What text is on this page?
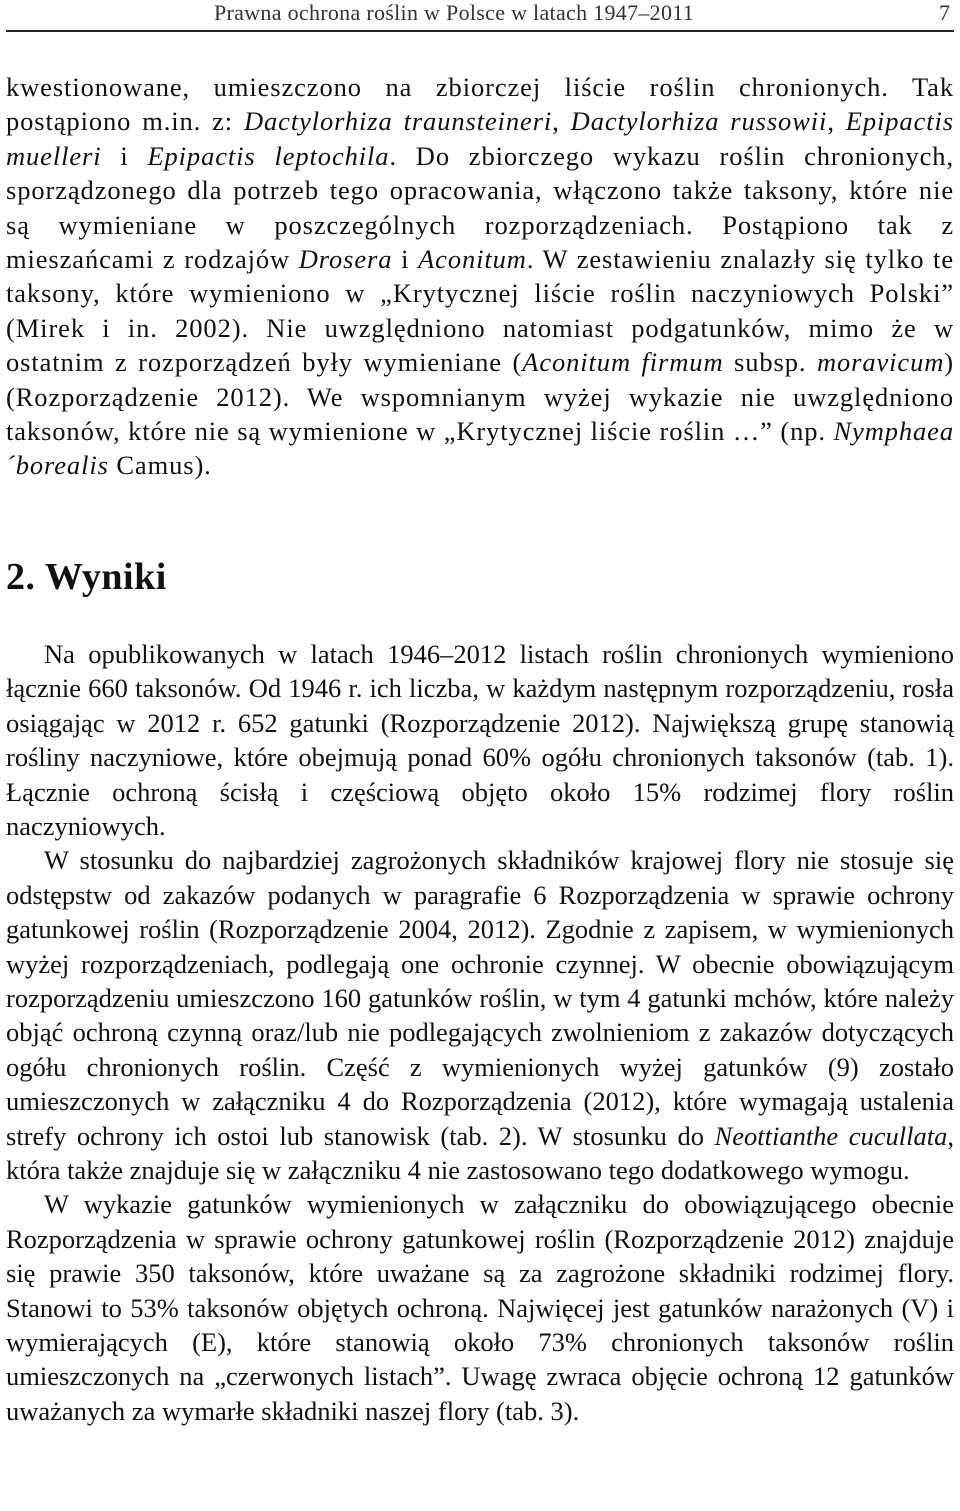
Prawna ochrona roślin w Polsce w latach 1947–2011	7

kwestionowane, umieszczono na zbiorczej liście roślin chronionych. Tak postąpiono m.in. z: Dactylorhiza traunsteineri, Dactylorhiza russowii, Epipactis muelleri i Epipactis leptochila. Do zbiorczego wykazu roślin chronionych, sporządzonego dla potrzeb tego opracowania, włączono także taksony, które nie są wymieniane w poszczególnych rozporządzeniach. Postąpiono tak z mieszańcami z rodzajów Drosera i Aconitum. W zestawieniu znalazły się tylko te taksony, które wymieniono w „Krytycznej liście roślin naczyniowych Polski” (Mirek i in. 2002). Nie uwzględniono natomiast podgatunków, mimo że w ostatnim z rozporządzeń były wymieniane (Aconitum firmum subsp. moravicum) (Rozporządzenie 2012). We wspomnianym wyżej wykazie nie uwzględniono taksonów, które nie są wymienione w „Krytycznej liście roślin …” (np. Nymphaea ´borealis Camus).

2. Wyniki

Na opublikowanych w latach 1946–2012 listach roślin chronionych wymieniono łącznie 660 taksonów. Od 1946 r. ich liczba, w każdym następnym rozporządzeniu, rosła osiągając w 2012 r. 652 gatunki (Rozporządzenie 2012). Największą grupę stanowią rośliny naczyniowe, które obejmują ponad 60% ogółu chronionych taksonów (tab. 1). Łącznie ochroną ścisłą i częściową objęto około 15% rodzimej flory roślin naczyniowych.

W stosunku do najbardziej zagrożonych składników krajowej flory nie stosuje się odstępstw od zakazów podanych w paragrafie 6 Rozporządzenia w sprawie ochrony gatunkowej roślin (Rozporządzenie 2004, 2012). Zgodnie z zapisem, w wymienionych wyżej rozporządzeniach, podlegają one ochronie czynnej. W obecnie obowiązującym rozporządzeniu umieszczono 160 gatunków roślin, w tym 4 gatunki mchów, które należy objąć ochroną czynną oraz/lub nie podlegających zwolnieniom z zakazów dotyczących ogółu chronionych roślin. Część z wymienionych wyżej gatunków (9) zostało umieszczonych w załączniku 4 do Rozporządzenia (2012), które wymagają ustalenia strefy ochrony ich ostoi lub stanowisk (tab. 2). W stosunku do Neottianthe cucullata, która także znajduje się w załączniku 4 nie zastosowano tego dodatkowego wymogu.

W wykazie gatunków wymienionych w załączniku do obowiązującego obecnie Rozporządzenia w sprawie ochrony gatunkowej roślin (Rozporządzenie 2012) znajduje się prawie 350 taksonów, które uważane są za zagrożone składniki rodzimej flory. Stanowi to 53% taksonów objętych ochroną. Najwięcej jest gatunków narażonych (V) i wymierających (E), które stanowią około 73% chronionych taksonów roślin umieszczonych na „czerwonych listach”. Uwagę zwraca objęcie ochroną 12 gatunków uważanych za wymarłe składniki naszej flory (tab. 3).
